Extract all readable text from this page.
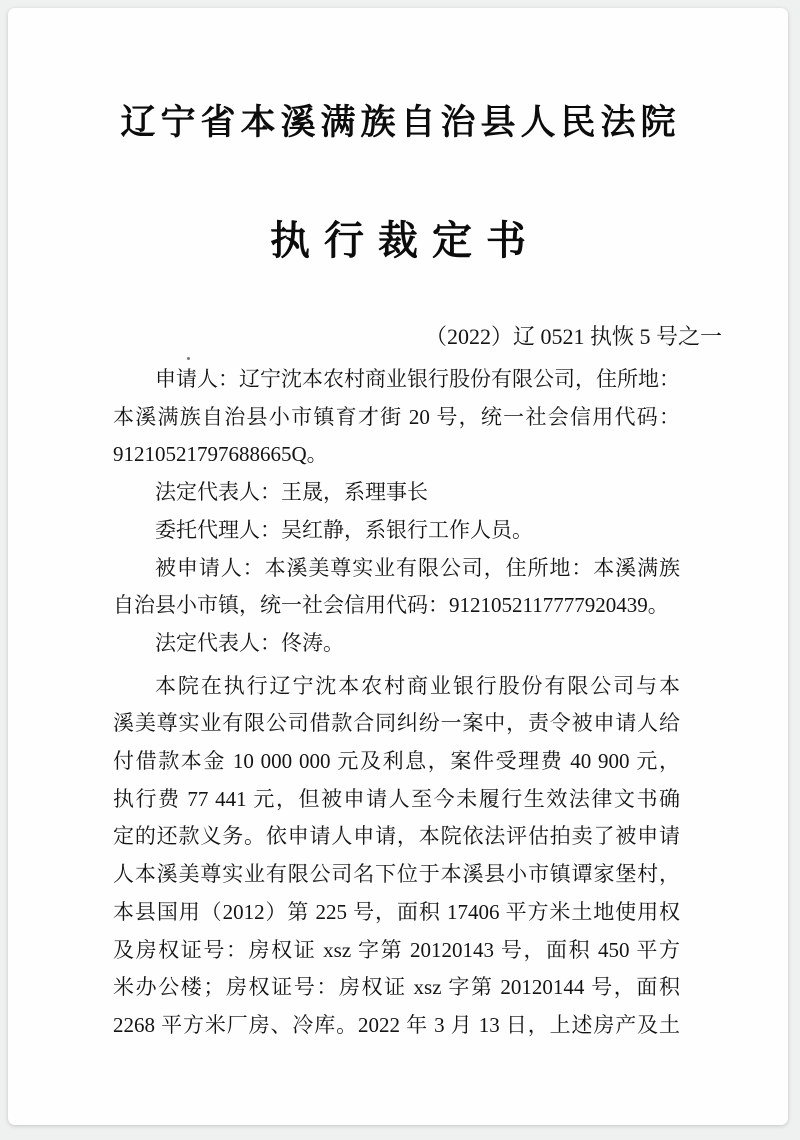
辽宁省本溪满族自治县人民法院
执行裁定书
（2022）辽 0521 执恢 5 号之一
申请人：辽宁沈本农村商业银行股份有限公司，住所地：
本溪满族自治县小市镇育才街 20 号，统一社会信用代码：
91210521797688665Q。
法定代表人：王晟，系理事长
委托代理人：吴红静，系银行工作人员。
被申请人：本溪美尊实业有限公司，住所地：本溪满族
自治县小市镇，统一社会信用代码：9121052117777920439。
法定代表人：佟涛。
本院在执行辽宁沈本农村商业银行股份有限公司与本
溪美尊实业有限公司借款合同纠纷一案中，责令被申请人给
付借款本金 10 000 000 元及利息，案件受理费 40 900 元，
执行费 77 441 元，但被申请人至今未履行生效法律文书确
定的还款义务。依申请人申请，本院依法评估拍卖了被申请
人本溪美尊实业有限公司名下位于本溪县小市镇谭家堡村，
本县国用（2012）第 225 号，面积 17406 平方米土地使用权
及房权证号：房权证 xsz 字第 20120143 号，面积 450 平方
米办公楼；房权证号：房权证 xsz 字第 20120144 号，面积
2268 平方米厂房、冷库。2022 年 3 月 13 日，上述房产及土
